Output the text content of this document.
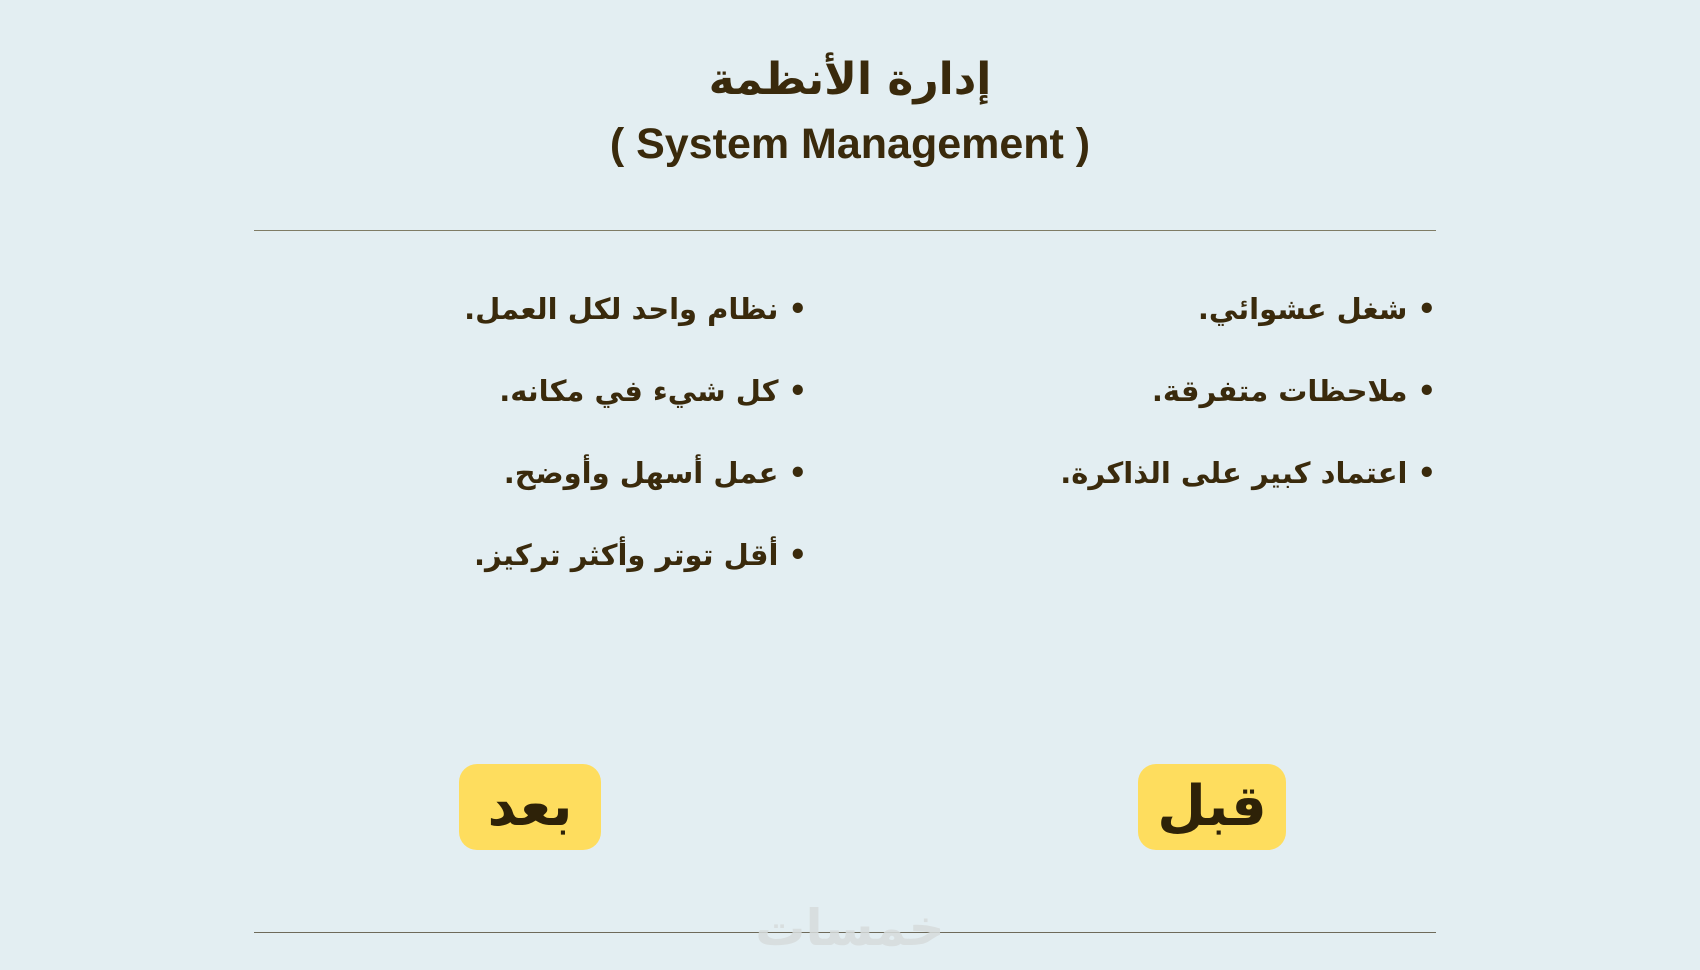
إدارة الأنظمة
( System Management )
•شغل عشوائي.
•ملاحظات متفرقة.
•اعتماد كبير على الذاكرة.
•نظام واحد لكل العمل.
•كل شيء في مكانه.
•عمل أسهل وأوضح.
•أقل توتر وأكثر تركيز.
قبل
بعد
خمسات
